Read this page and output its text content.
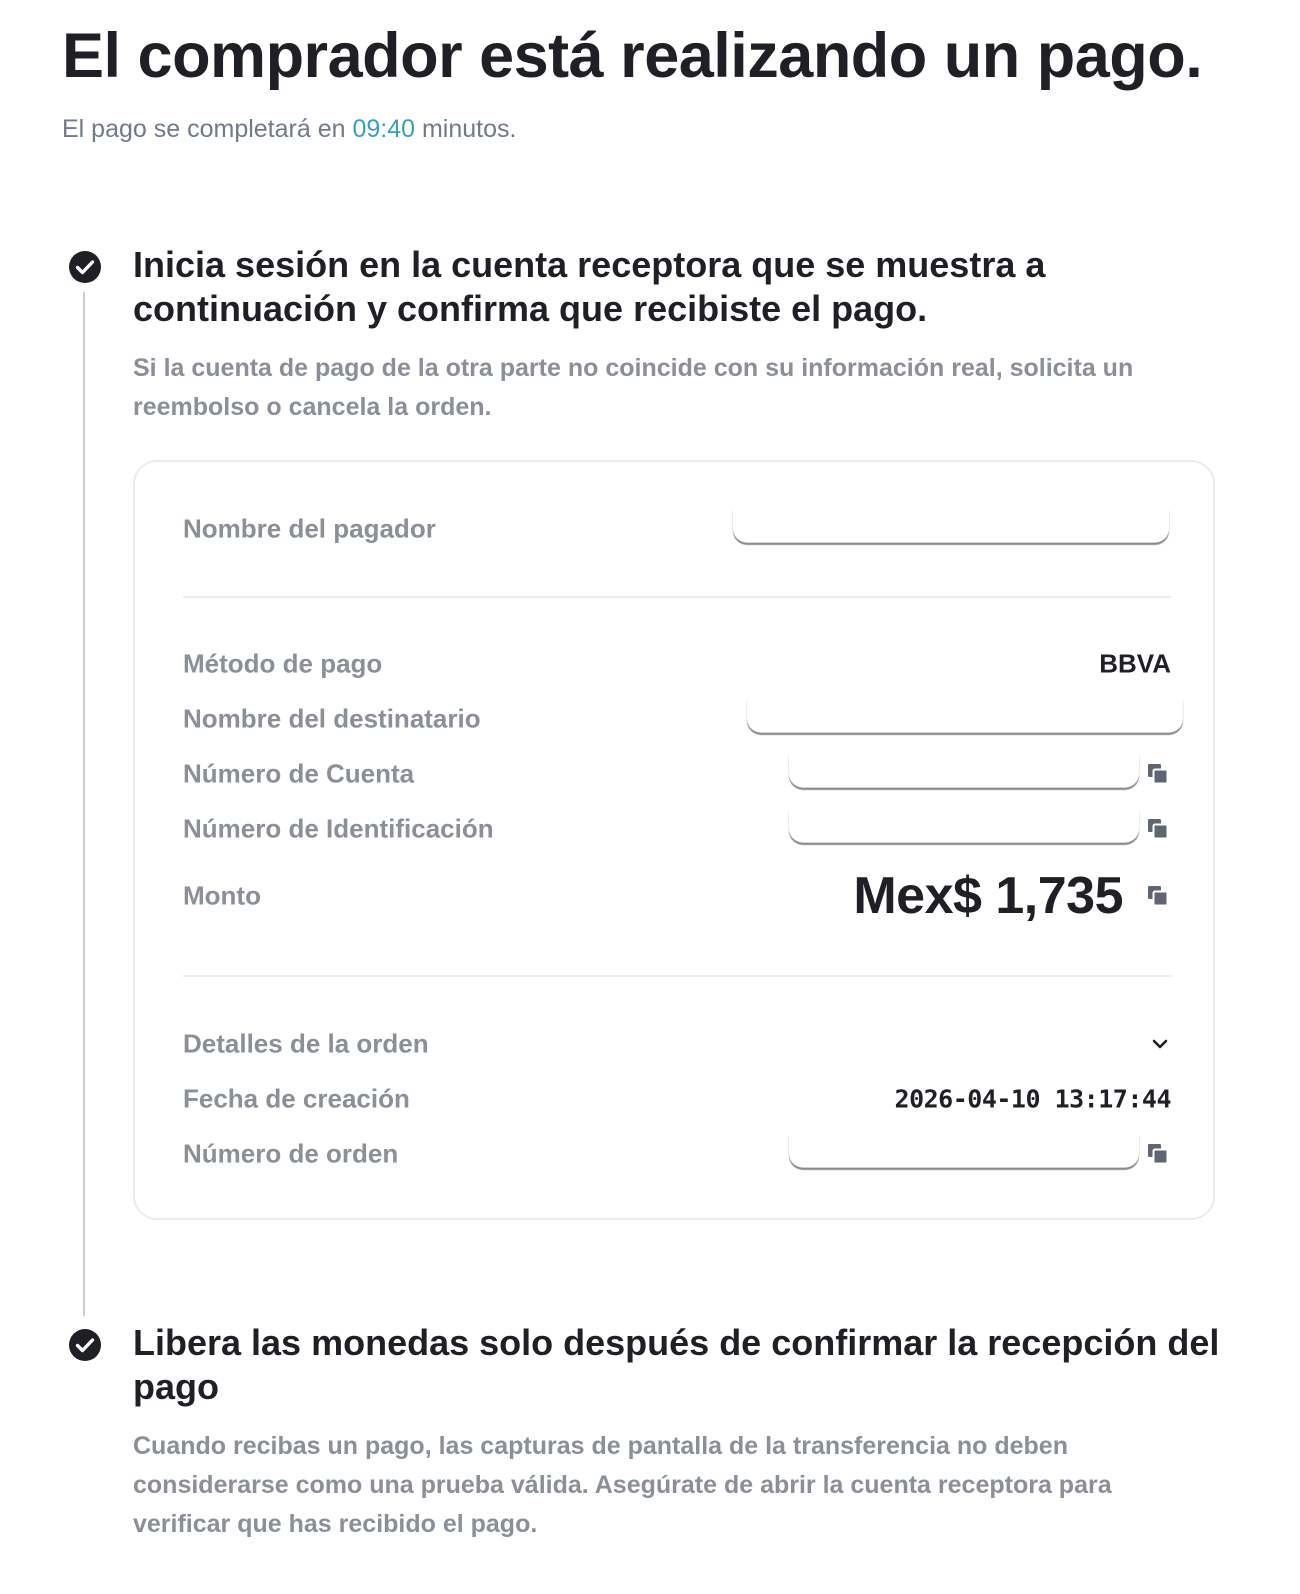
El comprador está realizando un pago.
El pago se completará en 09:40 minutos.
Inicia sesión en la cuenta receptora que se muestra a continuación y confirma que recibiste el pago.

Si la cuenta de pago de la otra parte no coincide con su información real, solicita un reembolso o cancela la orden.

Nombre del pagador
Método de pago	BBVA
Nombre del destinatario
Número de Cuenta
Número de Identificación
Monto	Mex$ 1,735
Detalles de la orden
Fecha de creación	2026-04-10 13:17:44
Número de orden
Libera las monedas solo después de confirmar la recepción del pago

Cuando recibas un pago, las capturas de pantalla de la transferencia no deben considerarse como una prueba válida. Asegúrate de abrir la cuenta receptora para verificar que has recibido el pago.
